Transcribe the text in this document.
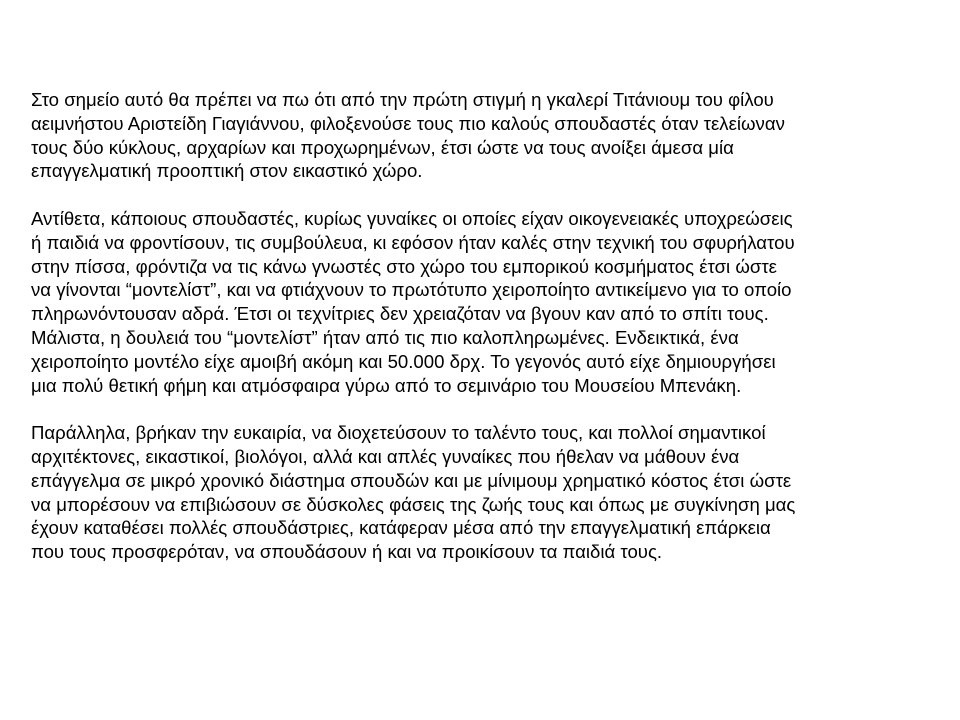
Στο σημείο αυτό θα πρέπει να πω ότι από την πρώτη στιγμή η γκαλερί Τιτάνιουμ του φίλου
αειμνήστου Αριστείδη Γιαγιάννου, φιλοξενούσε τους πιο καλούς σπουδαστές όταν τελείωναν
τους δύο κύκλους, αρχαρίων και προχωρημένων, έτσι ώστε να τους ανοίξει άμεσα μία
επαγγελματική προοπτική στον εικαστικό χώρο.

Αντίθετα, κάποιους σπουδαστές, κυρίως γυναίκες οι οποίες είχαν οικογενειακές υποχρεώσεις
ή παιδιά να φροντίσουν, τις συμβούλευα, κι εφόσον ήταν καλές στην τεχνική του σφυρήλατου
στην πίσσα, φρόντιζα να τις κάνω γνωστές στο χώρο του εμπορικού κοσμήματος έτσι ώστε
να γίνονται “μοντελίστ”, και να φτιάχνουν το πρωτότυπο χειροποίητο αντικείμενο για το οποίο
πληρωνόντουσαν αδρά. Έτσι οι τεχνίτριες δεν χρειαζόταν να βγουν καν από το σπίτι τους.
Μάλιστα, η δουλειά του “μοντελίστ” ήταν από τις πιο καλοπληρωμένες. Ενδεικτικά, ένα
χειροποίητο μοντέλο είχε αμοιβή ακόμη και 50.000 δρχ. Το γεγονός αυτό είχε δημιουργήσει
μια πολύ θετική φήμη και ατμόσφαιρα γύρω από το σεμινάριο του Μουσείου Μπενάκη.

Παράλληλα, βρήκαν την ευκαιρία, να διοχετεύσουν το ταλέντο τους, και πολλοί σημαντικοί
αρχιτέκτονες, εικαστικοί, βιολόγοι, αλλά και απλές γυναίκες που ήθελαν να μάθουν ένα
επάγγελμα σε μικρό χρονικό διάστημα σπουδών και με μίνιμουμ χρηματικό κόστος έτσι ώστε
να μπορέσουν να επιβιώσουν σε δύσκολες φάσεις της ζωής τους και όπως με συγκίνηση μας
έχουν καταθέσει πολλές σπουδάστριες, κατάφεραν μέσα από την επαγγελματική επάρκεια
που τους προσφερόταν, να σπουδάσουν ή και να προικίσουν τα παιδιά τους.
